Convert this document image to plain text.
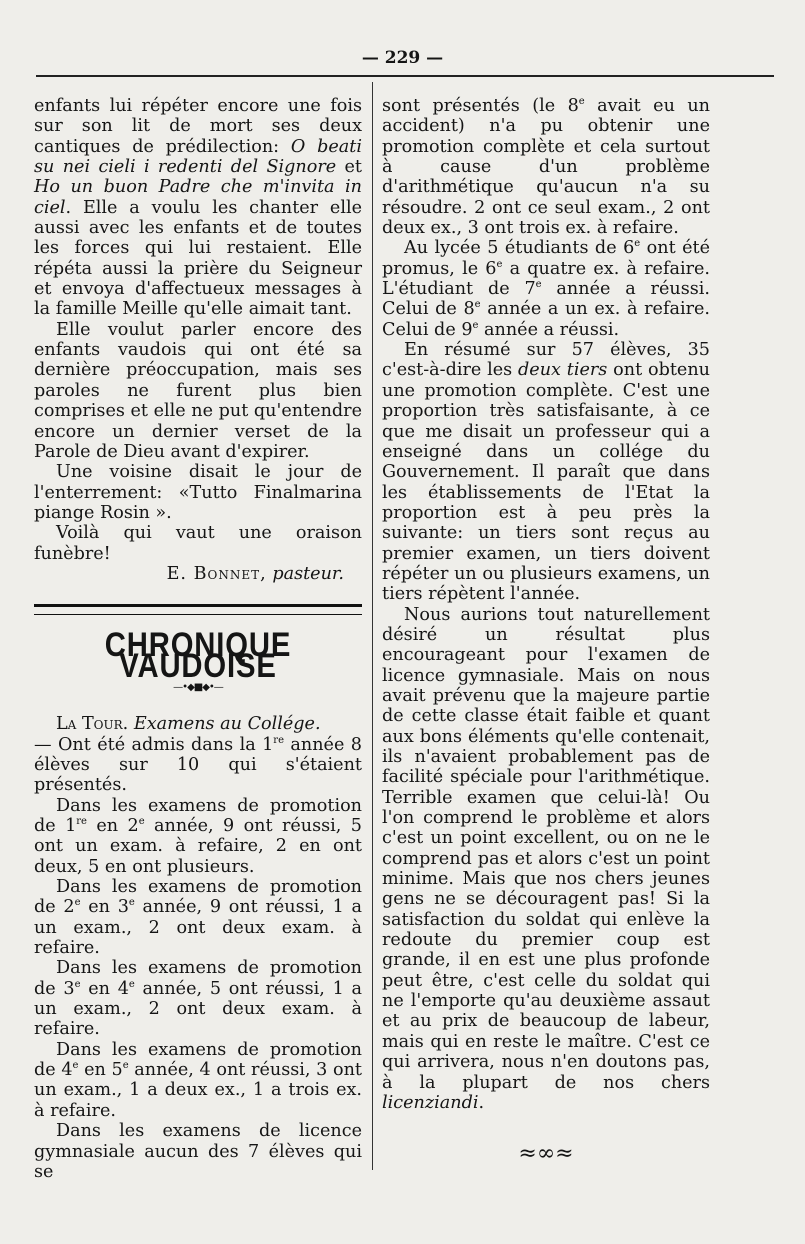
— 229 —

enfants lui répéter encore une fois sur son lit de mort ses deux cantiques de prédilection: O beati su nei cieli i redenti del Signore et Ho un buon Padre che m'invita in ciel. Elle a voulu les chanter elle aussi avec les enfants et de toutes les forces qui lui restaient. Elle répéta aussi la prière du Seigneur et envoya d'affectueux messages à la famille Meille qu'elle aimait tant.

Elle voulut parler encore des enfants vaudois qui ont été sa dernière préoccupation, mais ses paroles ne furent plus bien comprises et elle ne put qu'entendre encore un dernier verset de la Parole de Dieu avant d'expirer.

Une voisine disait le jour de l'enterrement: «Tutto Finalmarina piange Rosin ».

Voilà qui vaut une oraison funèbre!

E. Bonnet, pasteur.

CHRONIQUE VAUDOISE
—•◆■◆•—

La Tour. Examens au Collége.

— Ont été admis dans la 1re année 8 élèves sur 10 qui s'étaient présentés.

Dans les examens de promotion de 1re en 2e année, 9 ont réussi, 5 ont un exam. à refaire, 2 en ont deux, 5 en ont plusieurs.

Dans les examens de promotion de 2e en 3e année, 9 ont réussi, 1 a un exam., 2 ont deux exam. à refaire.

Dans les examens de promotion de 3e en 4e année, 5 ont réussi, 1 a un exam., 2 ont deux exam. à refaire.

Dans les examens de promotion de 4e en 5e année, 4 ont réussi, 3 ont un exam., 1 a deux ex., 1 a trois ex. à refaire.

Dans les examens de licence gymnasiale aucun des 7 élèves qui se

sont présentés (le 8e avait eu un accident) n'a pu obtenir une promotion complète et cela surtout à cause d'un problème d'arithmétique qu'aucun n'a su résoudre. 2 ont ce seul exam., 2 ont deux ex., 3 ont trois ex. à refaire.

Au lycée 5 étudiants de 6e ont été promus, le 6e a quatre ex. à refaire. L'étudiant de 7e année a réussi. Celui de 8e année a un ex. à refaire. Celui de 9e année a réussi.

En résumé sur 57 élèves, 35 c'est-à-dire les deux tiers ont obtenu une promotion complète. C'est une proportion très satisfaisante, à ce que me disait un professeur qui a enseigné dans un collége du Gouvernement. Il paraît que dans les établissements de l'Etat la proportion est à peu près la suivante: un tiers sont reçus au premier examen, un tiers doivent répéter un ou plusieurs examens, un tiers répètent l'année.

Nous aurions tout naturellement désiré un résultat plus encourageant pour l'examen de licence gymnasiale. Mais on nous avait prévenu que la majeure partie de cette classe était faible et quant aux bons éléments qu'elle contenait, ils n'avaient probablement pas de facilité spéciale pour l'arithmétique. Terrible examen que celui-là! Ou l'on comprend le problème et alors c'est un point excellent, ou on ne le comprend pas et alors c'est un point minime. Mais que nos chers jeunes gens ne se découragent pas! Si la satisfaction du soldat qui enlève la redoute du premier coup est grande, il en est une plus profonde peut être, c'est celle du soldat qui ne l'emporte qu'au deuxième assaut et au prix de beaucoup de labeur, mais qui en reste le maître. C'est ce qui arrivera, nous n'en doutons pas, à la plupart de nos chers licenziandi.

≈∞≈
